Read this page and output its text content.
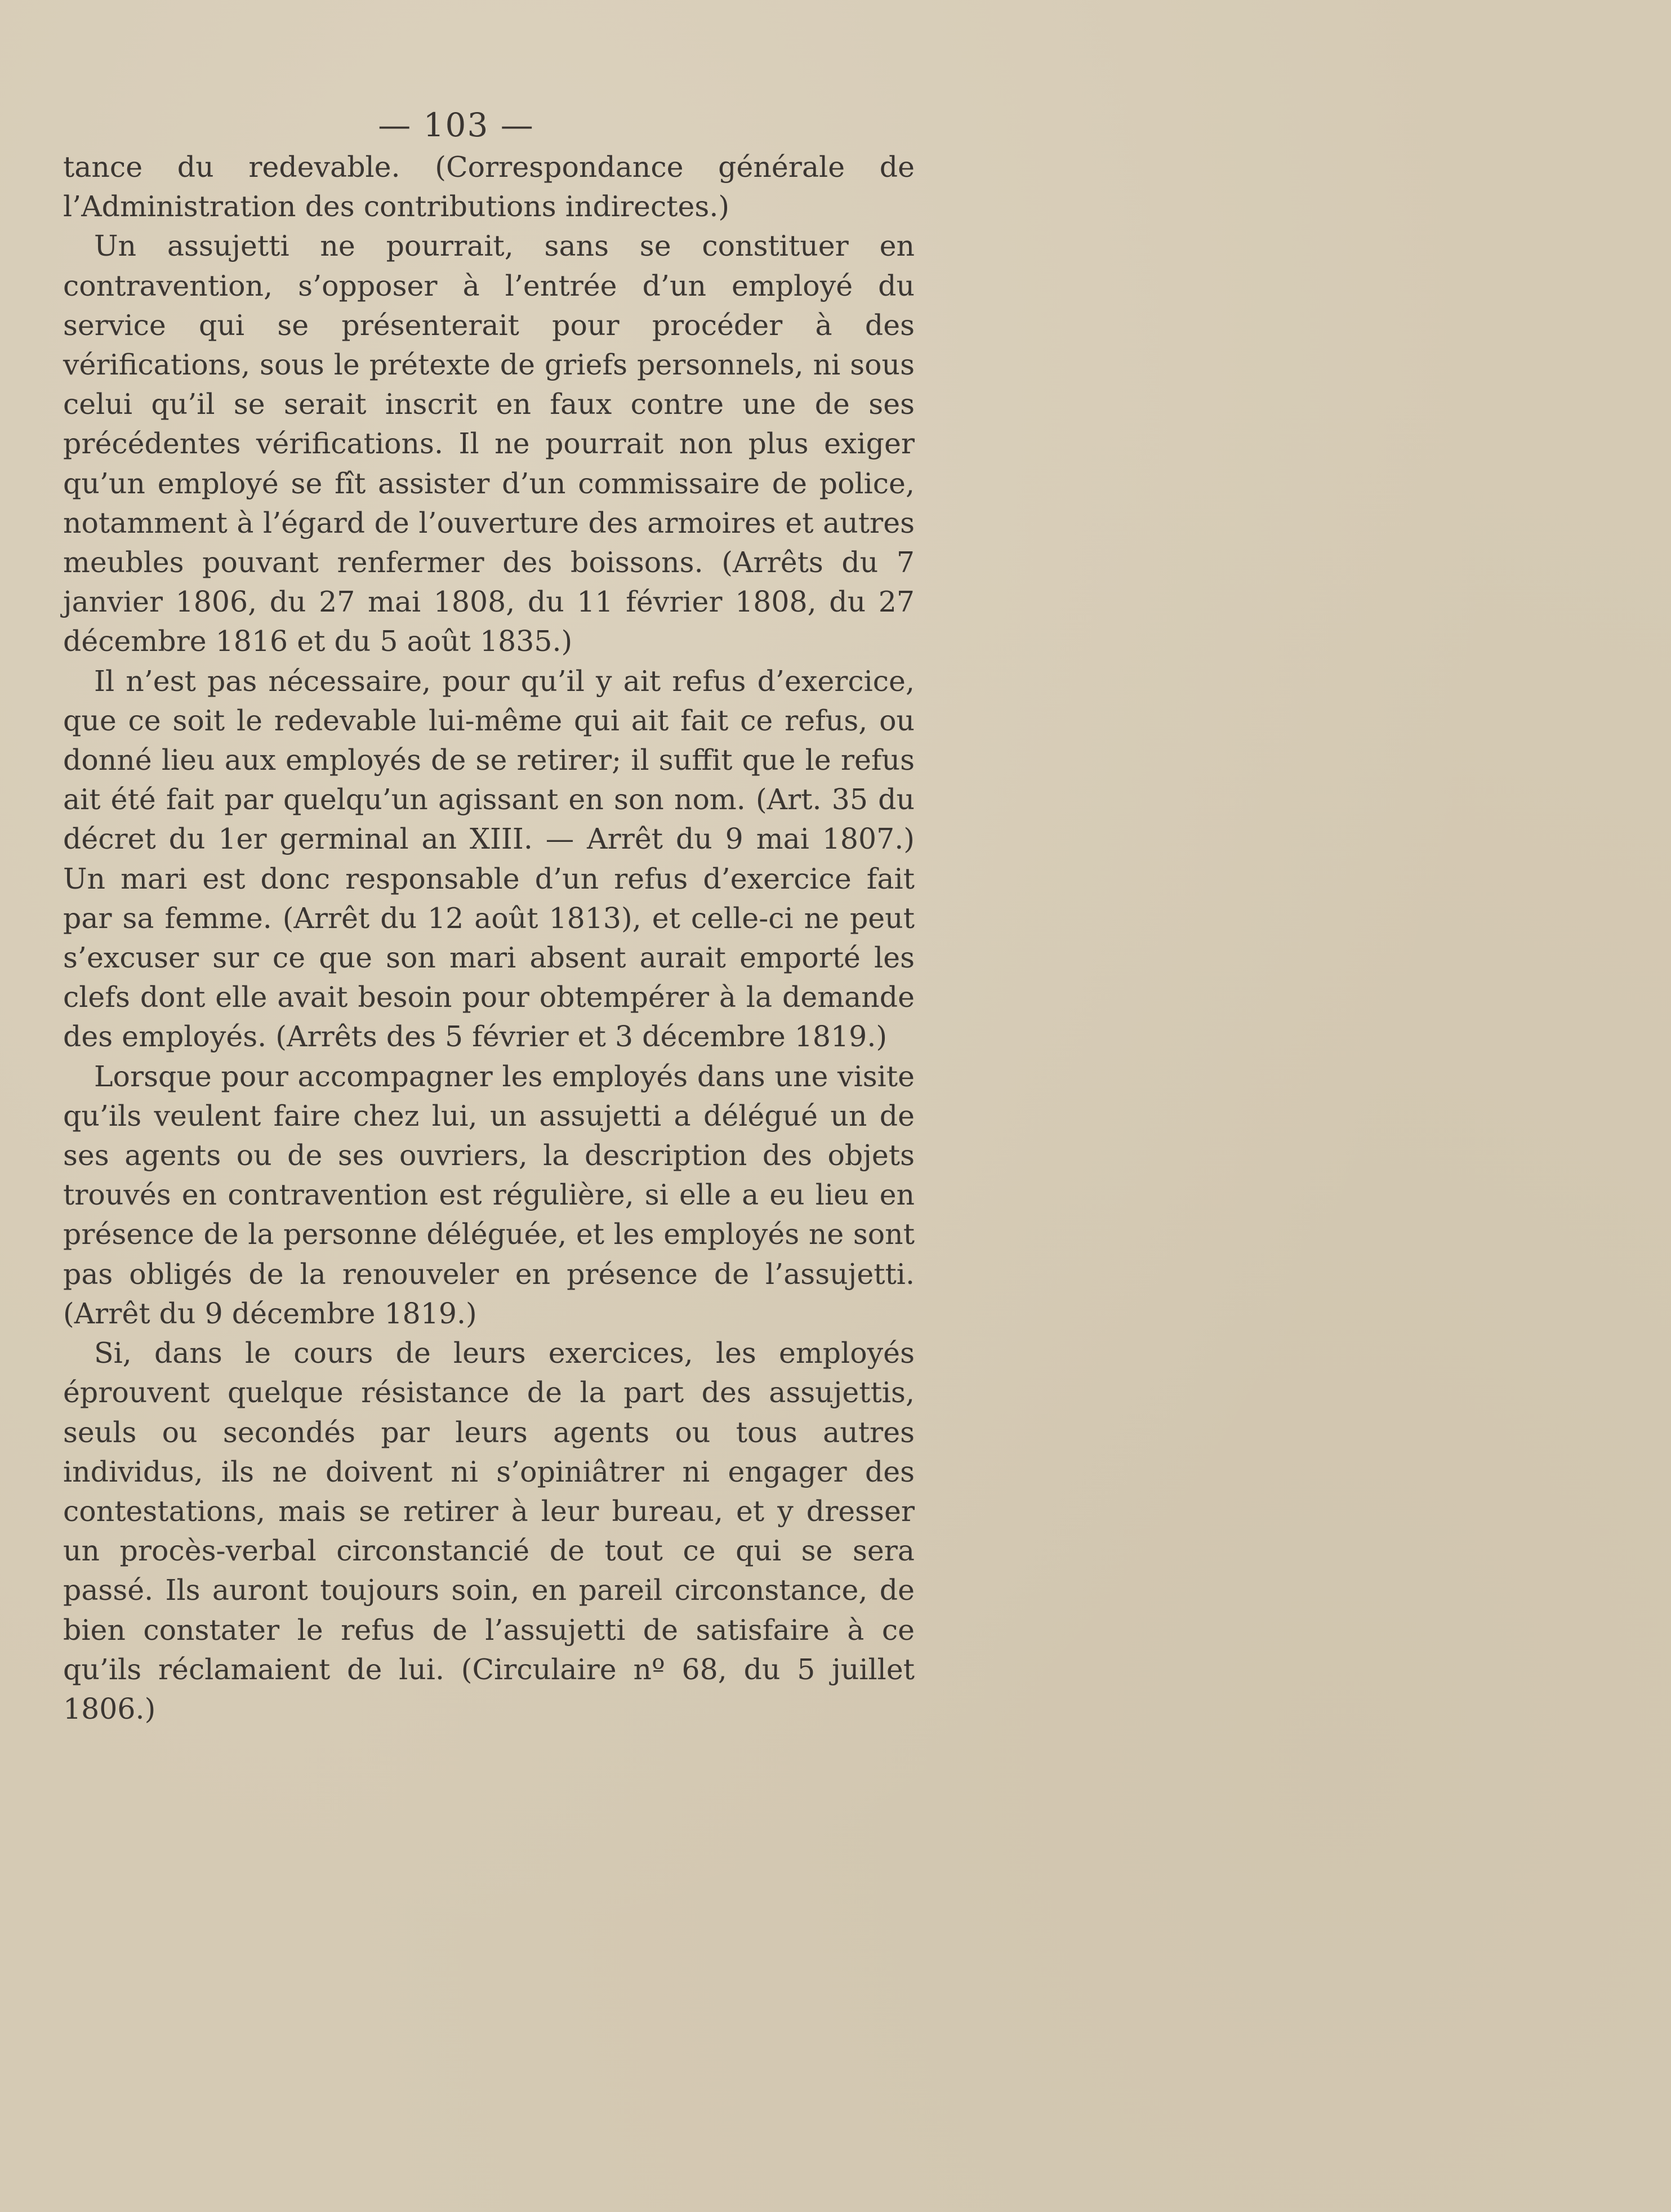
— 103 —

tance du redevable. (Correspondance générale de l’Administration des contributions indirectes.)

Un assujetti ne pourrait, sans se constituer en contravention, s’opposer à l’entrée d’un employé du service qui se présenterait pour procéder à des vérifications, sous le prétexte de griefs personnels, ni sous celui qu’il se serait inscrit en faux contre une de ses précédentes vérifications. Il ne pourrait non plus exiger qu’un employé se fît assister d’un commissaire de police, notamment à l’égard de l’ouverture des armoires et autres meubles pouvant renfermer des boissons. (Arrêts du 7 janvier 1806, du 27 mai 1808, du 11 février 1808, du 27 décembre 1816 et du 5 août 1835.)

Il n’est pas nécessaire, pour qu’il y ait refus d’exercice, que ce soit le redevable lui-même qui ait fait ce refus, ou donné lieu aux employés de se retirer; il suffit que le refus ait été fait par quelqu’un agissant en son nom. (Art. 35 du décret du 1er germinal an XIII. — Arrêt du 9 mai 1807.) Un mari est donc responsable d’un refus d’exercice fait par sa femme. (Arrêt du 12 août 1813), et celle-ci ne peut s’excuser sur ce que son mari absent aurait emporté les clefs dont elle avait besoin pour obtempérer à la demande des employés. (Arrêts des 5 février et 3 décembre 1819.)

Lorsque pour accompagner les employés dans une visite qu’ils veulent faire chez lui, un assujetti a délégué un de ses agents ou de ses ouvriers, la description des objets trouvés en contravention est régulière, si elle a eu lieu en présence de la personne déléguée, et les employés ne sont pas obligés de la renouveler en présence de l’assujetti. (Arrêt du 9 décembre 1819.)

Si, dans le cours de leurs exercices, les employés éprouvent quelque résistance de la part des assujettis, seuls ou secondés par leurs agents ou tous autres individus, ils ne doivent ni s’opiniâtrer ni engager des contestations, mais se retirer à leur bureau, et y dresser un procès-verbal circonstancié de tout ce qui se sera passé. Ils auront toujours soin, en pareil circonstance, de bien constater le refus de l’assujetti de satisfaire à ce qu’ils réclamaient de lui. (Circulaire nº 68, du 5 juillet 1806.)
